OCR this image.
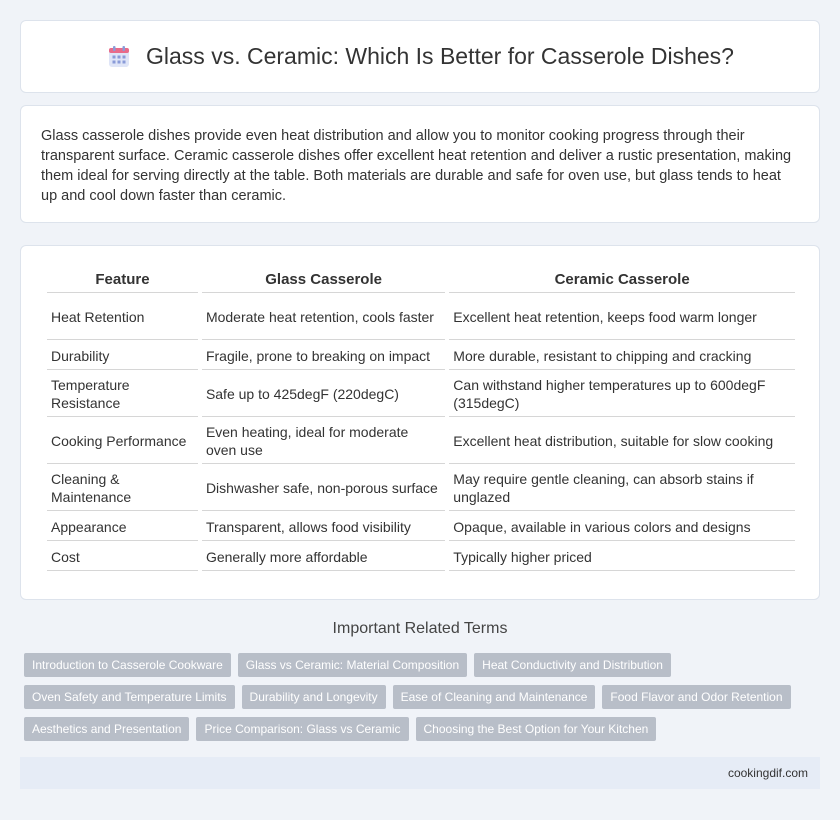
Glass vs. Ceramic: Which Is Better for Casserole Dishes?

Glass casserole dishes provide even heat distribution and allow you to monitor cooking progress through their transparent surface. Ceramic casserole dishes offer excellent heat retention and deliver a rustic presentation, making them ideal for serving directly at the table. Both materials are durable and safe for oven use, but glass tends to heat up and cool down faster than ceramic.

Feature	Glass Casserole	Ceramic Casserole
Heat Retention	Moderate heat retention, cools faster	Excellent heat retention, keeps food warm longer
Durability	Fragile, prone to breaking on impact	More durable, resistant to chipping and cracking
Temperature Resistance	Safe up to 425degF (220degC)	Can withstand higher temperatures up to 600degF (315degC)
Cooking Performance	Even heating, ideal for moderate oven use	Excellent heat distribution, suitable for slow cooking
Cleaning & Maintenance	Dishwasher safe, non-porous surface	May require gentle cleaning, can absorb stains if unglazed
Appearance	Transparent, allows food visibility	Opaque, available in various colors and designs
Cost	Generally more affordable	Typically higher priced
Important Related Terms
Introduction to Casserole Cookware	Glass vs Ceramic: Material Composition	Heat Conductivity and Distribution
Oven Safety and Temperature Limits	Durability and Longevity	Ease of Cleaning and Maintenance	Food Flavor and Odor Retention
Aesthetics and Presentation	Price Comparison: Glass vs Ceramic	Choosing the Best Option for Your Kitchen
cookingdif.com
